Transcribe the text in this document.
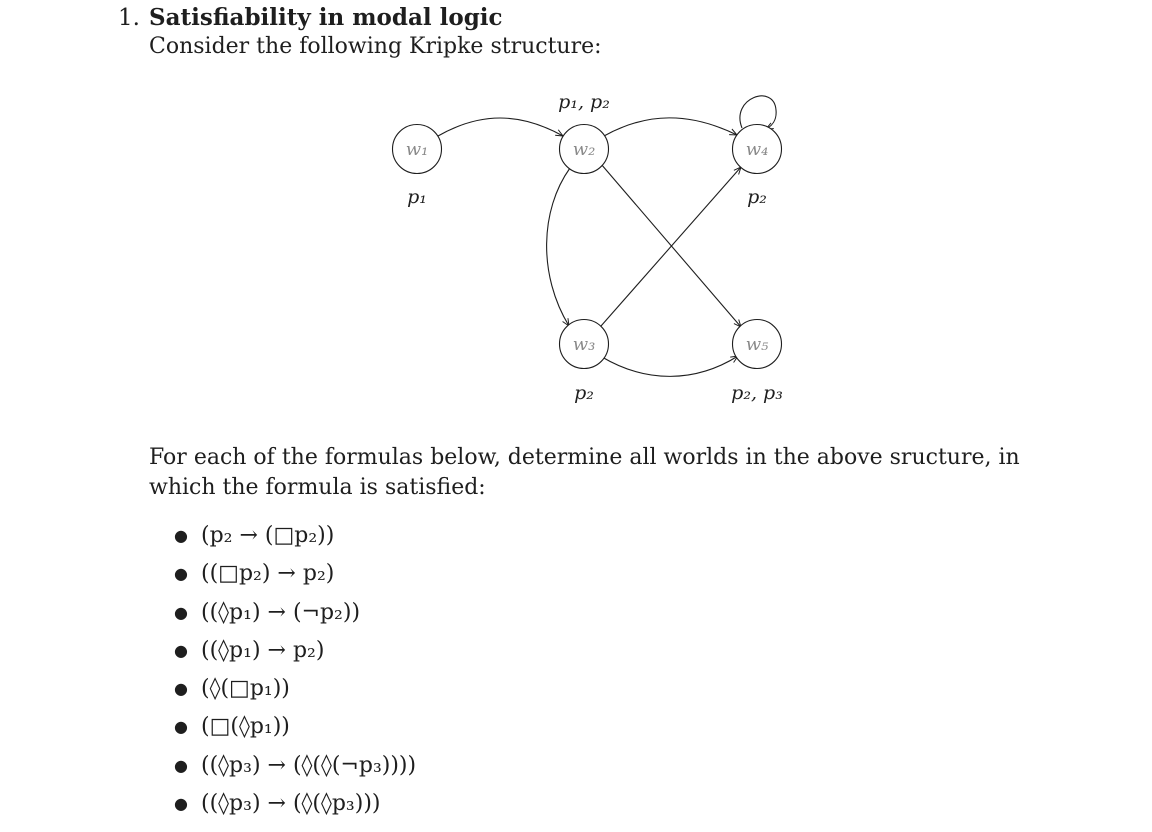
1. Satisfiability in modal logic
Consider the following Kripke structure:
w₁	w₂
w₃
w₄
w₅
p₁
p₁, p₂
p₂
p₂
p₂, p₃
For each of the formulas below, determine all worlds in the above sructure, in which the formula is satisfied:
● (p₂ → (□p₂))
● ((□p₂) → p₂)
● ((◊p₁) → (¬p₂))
● ((◊p₁) → p₂)
● (◊(□p₁))
● (□(◊p₁))
● ((◊p₃) → (◊(◊(¬p₃))))
● ((◊p₃) → (◊(◊p₃)))
